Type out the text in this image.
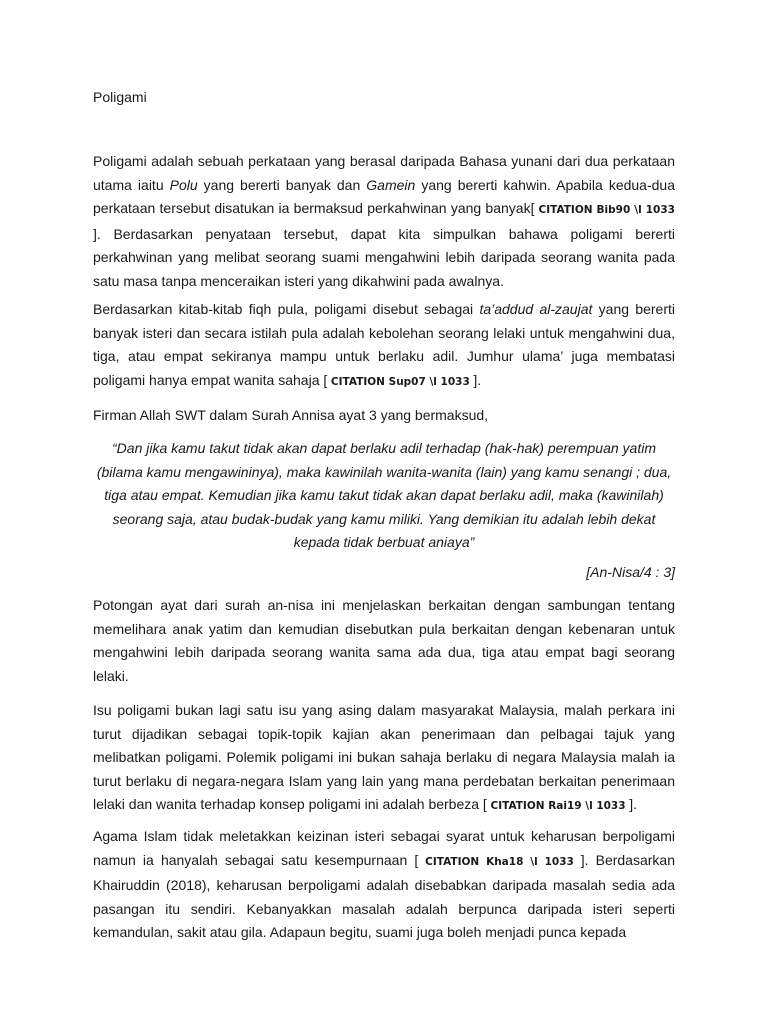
Poligami

Poligami adalah sebuah perkataan yang berasal daripada Bahasa yunani dari dua perkataan utama iaitu Polu yang bererti banyak dan Gamein yang bererti kahwin. Apabila kedua-dua perkataan tersebut disatukan ia bermaksud perkahwinan yang banyak[ CITATION Bib90 \l 1033 ]. Berdasarkan penyataan tersebut, dapat kita simpulkan bahawa poligami bererti perkahwinan yang melibat seorang suami mengahwini lebih daripada seorang wanita pada satu masa tanpa menceraikan isteri yang dikahwini pada awalnya.

Berdasarkan kitab-kitab fiqh pula, poligami disebut sebagai ta’addud al-zaujat yang bererti banyak isteri dan secara istilah pula adalah kebolehan seorang lelaki untuk mengahwini dua, tiga, atau empat sekiranya mampu untuk berlaku adil. Jumhur ulama’ juga membatasi poligami hanya empat wanita sahaja [ CITATION Sup07 \l 1033 ].

Firman Allah SWT dalam Surah Annisa ayat 3 yang bermaksud,

“Dan jika kamu takut tidak akan dapat berlaku adil terhadap (hak-hak) perempuan yatim (bilama kamu mengawininya), maka kawinilah wanita-wanita (lain) yang kamu senangi ; dua, tiga atau empat. Kemudian jika kamu takut tidak akan dapat berlaku adil, maka (kawinilah) seorang saja, atau budak-budak yang kamu miliki. Yang demikian itu adalah lebih dekat kepada tidak berbuat aniaya”

[An-Nisa/4 : 3]

Potongan ayat dari surah an-nisa ini menjelaskan berkaitan dengan sambungan tentang memelihara anak yatim dan kemudian disebutkan pula berkaitan dengan kebenaran untuk mengahwini lebih daripada seorang wanita sama ada dua, tiga atau empat bagi seorang lelaki.

Isu poligami bukan lagi satu isu yang asing dalam masyarakat Malaysia, malah perkara ini turut dijadikan sebagai topik-topik kajian akan penerimaan dan pelbagai tajuk yang melibatkan poligami. Polemik poligami ini bukan sahaja berlaku di negara Malaysia malah ia turut berlaku di negara-negara Islam yang lain yang mana perdebatan berkaitan penerimaan lelaki dan wanita terhadap konsep poligami ini adalah berbeza [ CITATION Rai19 \l 1033 ].

Agama Islam tidak meletakkan keizinan isteri sebagai syarat untuk keharusan berpoligami namun ia hanyalah sebagai satu kesempurnaan [ CITATION Kha18 \l 1033 ]. Berdasarkan Khairuddin (2018), keharusan berpoligami adalah disebabkan daripada masalah sedia ada pasangan itu sendiri. Kebanyakkan masalah adalah berpunca daripada isteri seperti kemandulan, sakit atau gila. Adapaun begitu, suami juga boleh menjadi punca kepada
